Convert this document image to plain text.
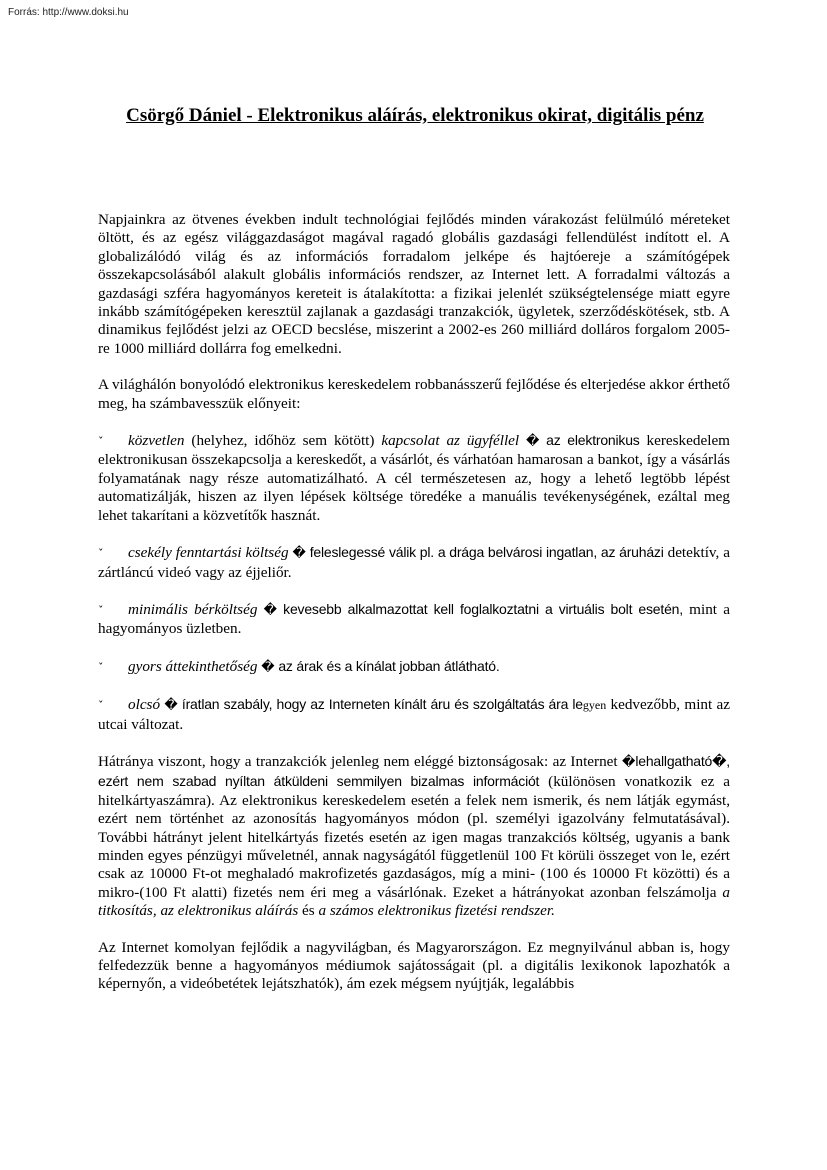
Forrás: http://www.doksi.hu
Csörgő Dániel - Elektronikus aláírás, elektronikus okirat, digitális pénz

Napjainkra az ötvenes években indult technológiai fejlődés minden várakozást felülmúló méreteket öltött, és az egész világgazdaságot magával ragadó globális gazdasági fellendülést indított el. A globalizálódó világ és az információs forradalom jelképe és hajtóereje a számítógépek összekapcsolásából alakult globális információs rendszer, az Internet lett. A forradalmi változás a gazdasági szféra hagyományos kereteit is átalakította: a fizikai jelenlét szükségtelensége miatt egyre inkább számítógépeken keresztül zajlanak a gazdasági tranzakciók, ügyletek, szerződéskötések, stb. A dinamikus fejlődést jelzi az OECD becslése, miszerint a 2002-es 260 milliárd dolláros forgalom 2005-re 1000 milliárd dollárra fog emelkedni.

A világhálón bonyolódó elektronikus kereskedelem robbanásszerű fejlődése és elterjedése akkor érthető meg, ha számbavesszük előnyeit:

ˇ közvetlen (helyhez, időhöz sem kötött) kapcsolat az ügyféllel � az elektronikus kereskedelem elektronikusan összekapcsolja a kereskedőt, a vásárlót, és várhatóan hamarosan a bankot, így a vásárlás folyamatának nagy része automatizálható. A cél természetesen az, hogy a lehető legtöbb lépést automatizálják, hiszen az ilyen lépések költsége töredéke a manuális tevékenységének, ezáltal meg lehet takarítani a közvetítők hasznát.

ˇ csekély fenntartási költség � feleslegessé válik pl. a drága belvárosi ingatlan, az áruházi detektív, a zártláncú videó vagy az éjjeliőr.

ˇ minimális bérköltség � kevesebb alkalmazottat kell foglalkoztatni a virtuális bolt esetén, mint a hagyományos üzletben.

ˇ gyors áttekinthetőség � az árak és a kínálat jobban átlátható.

ˇ olcsó � íratlan szabály, hogy az Interneten kínált áru és szolgáltatás ára legyen kedvezőbb, mint az utcai változat.

Hátránya viszont, hogy a tranzakciók jelenleg nem eléggé biztonságosak: az Internet �lehallgatható�, ezért nem szabad nyíltan átküldeni semmilyen bizalmas információt (különösen vonatkozik ez a hitelkártyaszámra). Az elektronikus kereskedelem esetén a felek nem ismerik, és nem látják egymást, ezért nem történhet az azonosítás hagyományos módon (pl. személyi igazolvány felmutatásával). További hátrányt jelent hitelkártyás fizetés esetén az igen magas tranzakciós költség, ugyanis a bank minden egyes pénzügyi műveletnél, annak nagyságától függetlenül 100 Ft körüli összeget von le, ezért csak az 10000 Ft-ot meghaladó makrofizetés gazdaságos, míg a mini- (100 és 10000 Ft közötti) és a mikro-(100 Ft alatti) fizetés nem éri meg a vásárlónak. Ezeket a hátrányokat azonban felszámolja a titkosítás, az elektronikus aláírás és a számos elektronikus fizetési rendszer.

Az Internet komolyan fejlődik a nagyvilágban, és Magyarországon. Ez megnyilvánul abban is, hogy felfedezzük benne a hagyományos médiumok sajátosságait (pl. a digitális lexikonok lapozhatók a képernyőn, a videóbetétek lejátszhatók), ám ezek mégsem nyújtják, legalábbis
